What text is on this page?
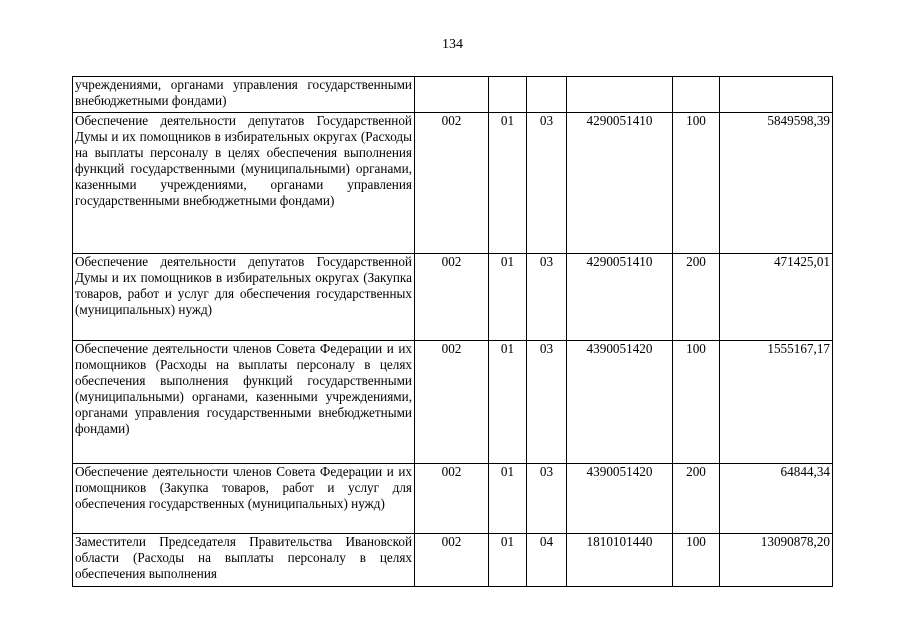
134
учреждениями, органами управления государственными внебюджетными фондами)						

Обеспечение деятельности депутатов Государственной Думы и их помощников в избирательных округах (Расходы на выплаты персоналу в целях обеспечения выполнения функций государственными (муниципальными) органами, казенными учреждениями, органами управления государственными внебюджетными фондами)	002	01	03	4290051410	100	5849598,39

Обеспечение деятельности депутатов Государственной Думы и их помощников в избирательных округах (Закупка товаров, работ и услуг для обеспечения государственных (муниципальных) нужд)	002	01	03	4290051410	200	471425,01

Обеспечение деятельности членов Совета Федерации и их помощников (Расходы на выплаты персоналу в целях обеспечения выполнения функций государственными (муниципальными) органами, казенными учреждениями, органами управления государственными внебюджетными фондами)	002	01	03	4390051420	100	1555167,17

Обеспечение деятельности членов Совета Федерации и их помощников (Закупка товаров, работ и услуг для обеспечения государственных (муниципальных) нужд)	002	01	03	4390051420	200	64844,34

Заместители Председателя Правительства Ивановской области (Расходы на выплаты персоналу в целях обеспечения выполнения	002	01	04	1810101440	100	13090878,20
